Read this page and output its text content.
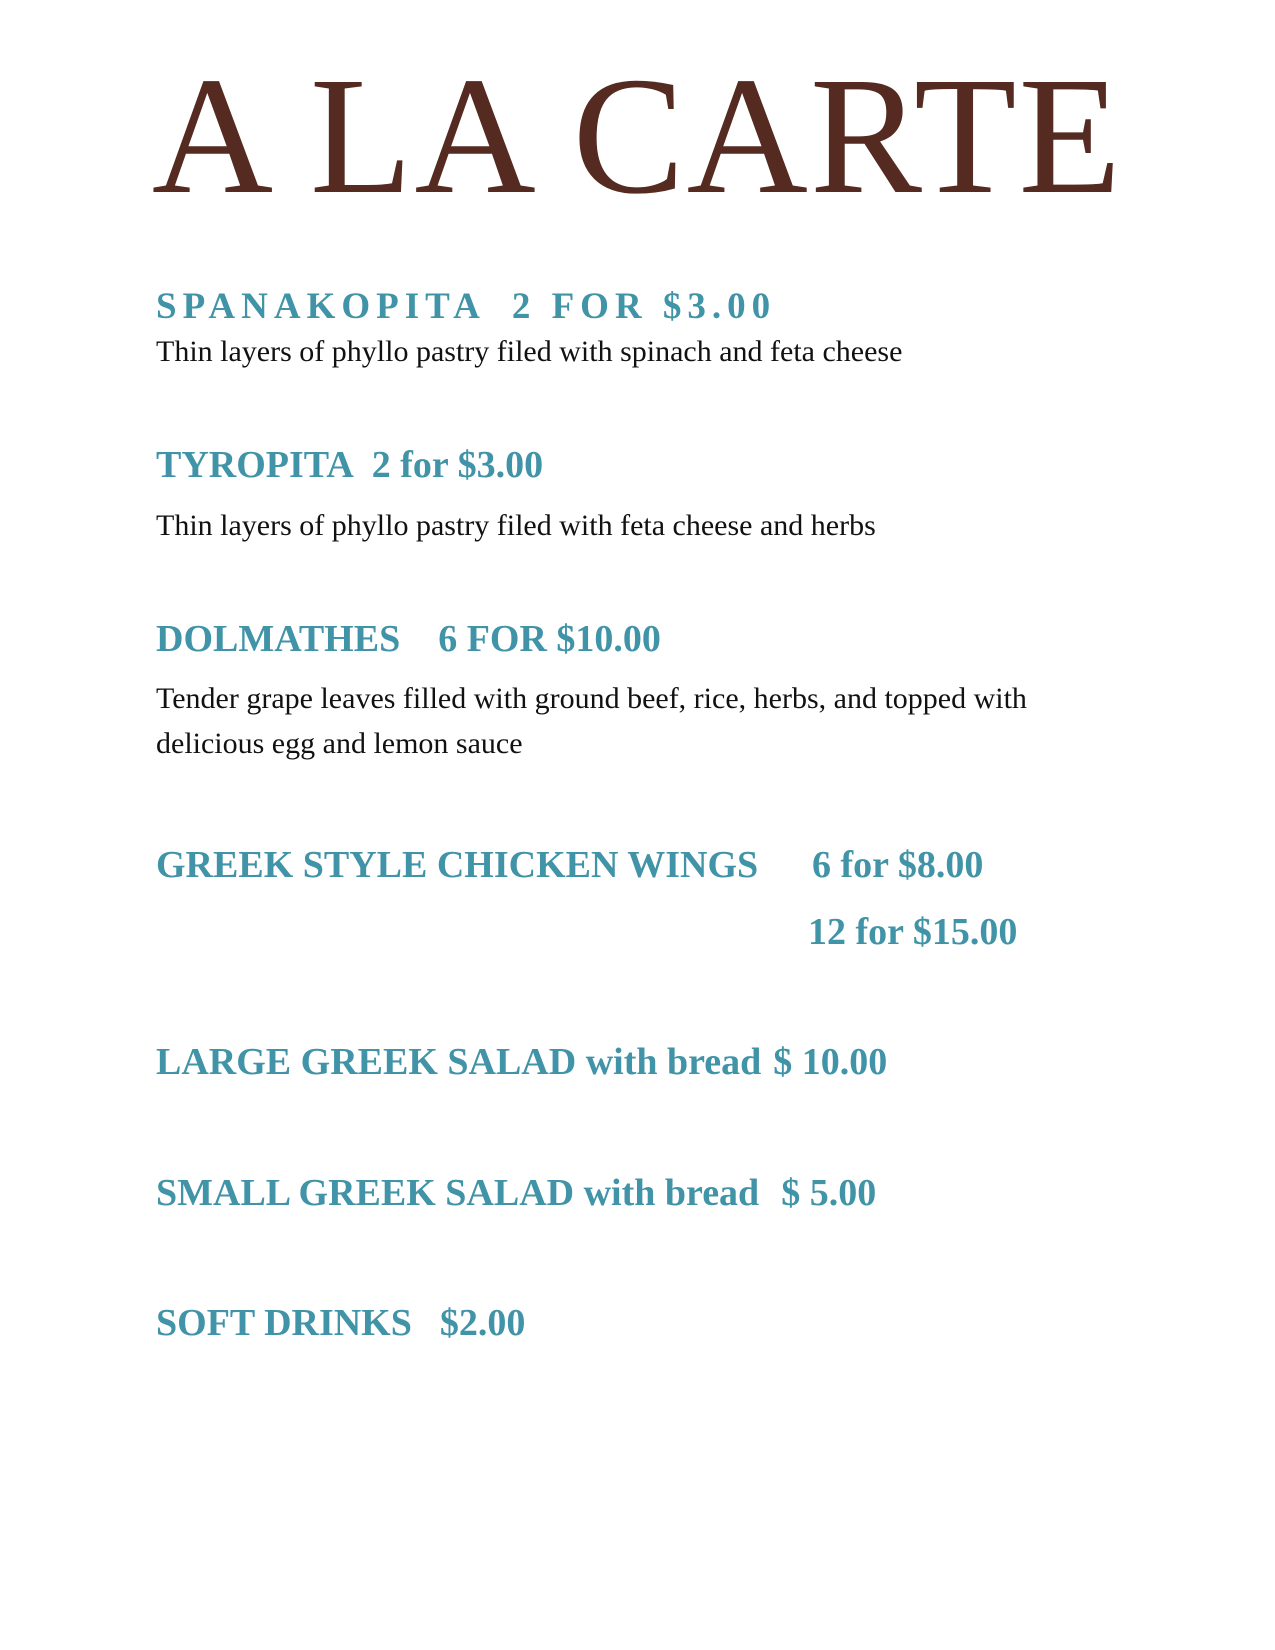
A LA CARTE
SPANAKOPITA 2 FOR $3.00

Thin layers of phyllo pastry filed with spinach and feta cheese

TYROPITA 2 for $3.00

Thin layers of phyllo pastry filed with feta cheese and herbs

DOLMATHES 6 FOR $10.00

Tender grape leaves filled with ground beef, rice, herbs, and topped with delicious egg and lemon sauce

GREEK STYLE CHICKEN WINGS 6 for $8.00
12 for $15.00
LARGE GREEK SALAD with bread $ 10.00
SMALL GREEK SALAD with bread $ 5.00
SOFT DRINKS $2.00
